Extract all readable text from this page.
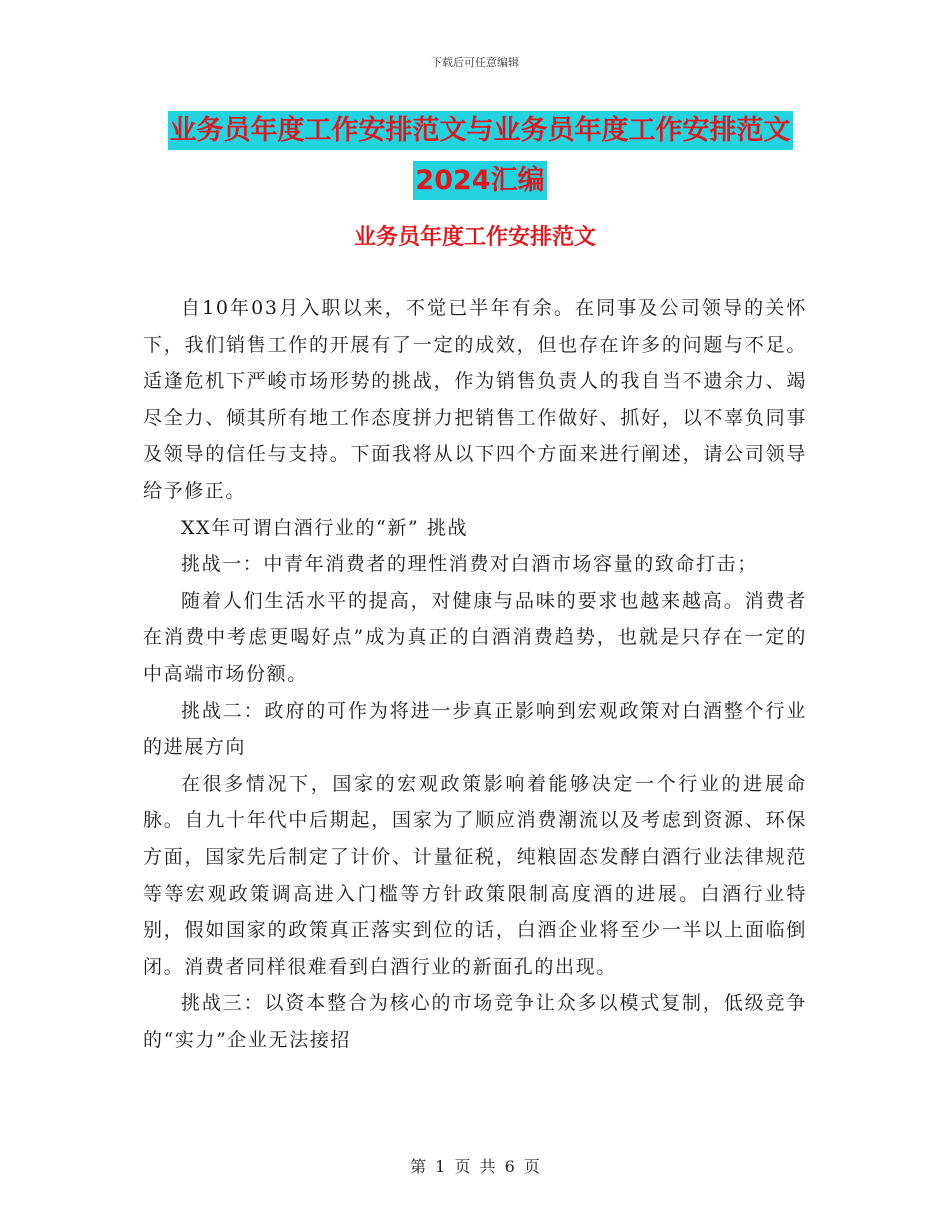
下载后可任意编辑
业务员年度工作安排范文与业务员年度工作安排范文
2024汇编
业务员年度工作安排范文

自10年03月入职以来，不觉已半年有余。在同事及公司领导的关怀下，我们销售工作的开展有了一定的成效，但也存在许多的问题与不足。适逢危机下严峻市场形势的挑战，作为销售负责人的我自当不遗余力、竭尽全力、倾其所有地工作态度拼力把销售工作做好、抓好，以不辜负同事及领导的信任与支持。下面我将从以下四个方面来进行阐述，请公司领导给予修正。

XX年可谓白酒行业的“新” 挑战

挑战一：中青年消费者的理性消费对白酒市场容量的致命打击；

随着人们生活水平的提高，对健康与品味的要求也越来越高。消费者在消费中考虑更喝好点”成为真正的白酒消费趋势，也就是只存在一定的中高端市场份额。

挑战二：政府的可作为将进一步真正影响到宏观政策对白酒整个行业的进展方向

在很多情况下，国家的宏观政策影响着能够决定一个行业的进展命脉。自九十年代中后期起，国家为了顺应消费潮流以及考虑到资源、环保方面，国家先后制定了计价、计量征税，纯粮固态发酵白酒行业法律规范等等宏观政策调高进入门槛等方针政策限制高度酒的进展。白酒行业特别，假如国家的政策真正落实到位的话，白酒企业将至少一半以上面临倒闭。消费者同样很难看到白酒行业的新面孔的出现。

挑战三：以资本整合为核心的市场竞争让众多以模式复制，低级竞争的“实力”企业无法接招

第 1 页 共 6 页
